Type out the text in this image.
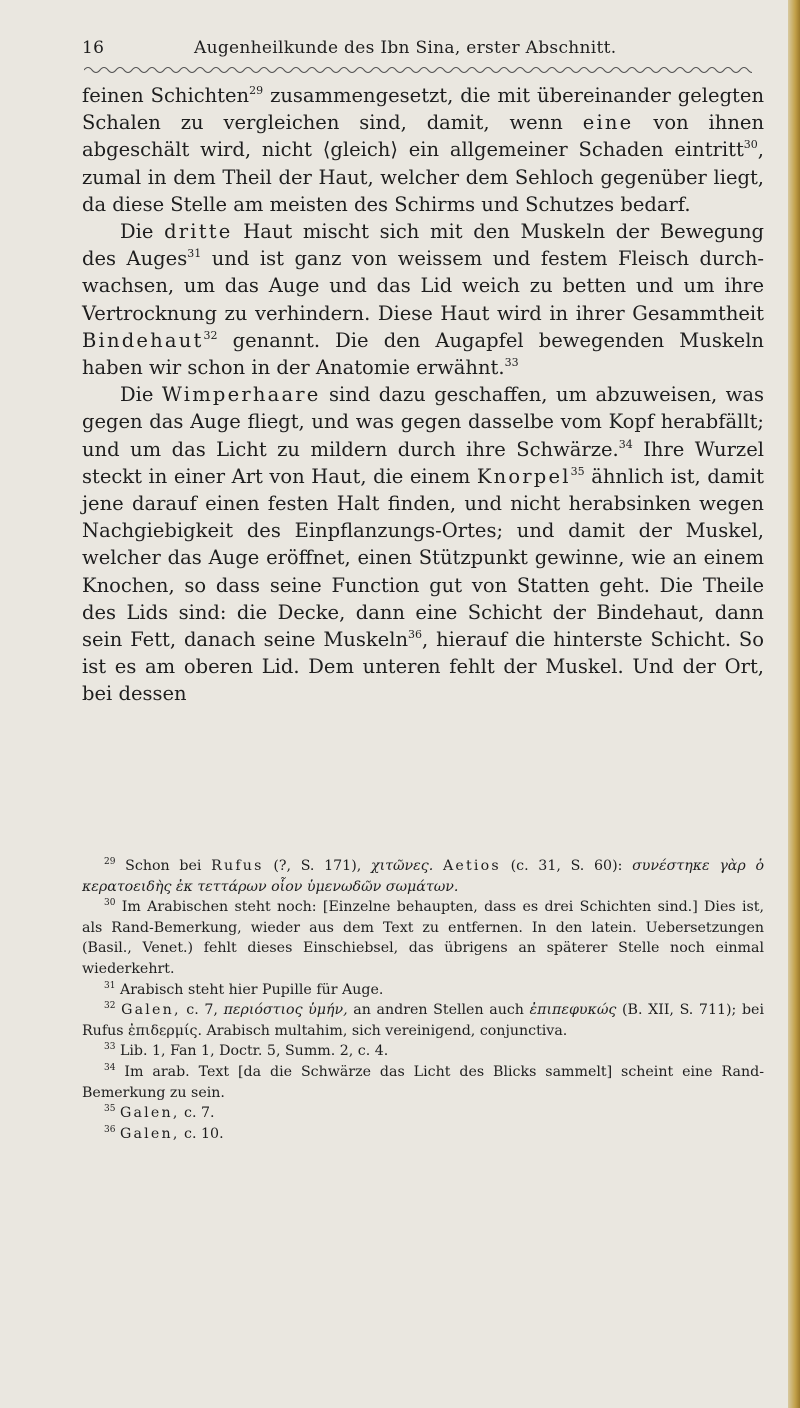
16	Augenheilkunde des Ibn Sina, erster Abschnitt.

feinen Schichten$^{29}$ zusammengesetzt, die mit übereinander gelegten Schalen zu vergleichen sind, damit, wenn eine von ihnen abgeschält wird, nicht ⟨gleich⟩ ein allgemeiner Schaden eintritt$^{30}$, zumal in dem Theil der Haut, welcher dem Sehloch gegenüber liegt, da diese Stelle am meisten des Schirms und Schutzes bedarf.

Die dritte Haut mischt sich mit den Muskeln der Bewegung des Auges$^{31}$ und ist ganz von weissem und festem Fleisch durchwachsen, um das Auge und das Lid weich zu betten und um ihre Vertrocknung zu verhindern. Diese Haut wird in ihrer Gesammtheit Bindehaut$^{32}$ genannt. Die den Augapfel bewegenden Muskeln haben wir schon in der Anatomie erwähnt.$^{33}$

Die Wimperhaare sind dazu geschaffen, um abzuweisen, was gegen das Auge fliegt, und was gegen dasselbe vom Kopf herabfällt; und um das Licht zu mildern durch ihre Schwärze.$^{34}$ Ihre Wurzel steckt in einer Art von Haut, die einem Knorpel$^{35}$ ähnlich ist, damit jene darauf einen festen Halt finden, und nicht herabsinken wegen Nachgiebigkeit des Einpflanzungs-Ortes; und damit der Muskel, welcher das Auge eröffnet, einen Stützpunkt gewinne, wie an einem Knochen, so dass seine Function gut von Statten geht. Die Theile des Lids sind: die Decke, dann eine Schicht der Bindehaut, dann sein Fett, danach seine Muskeln$^{36}$, hierauf die hinterste Schicht. So ist es am oberen Lid. Dem unteren fehlt der Muskel. Und der Ort, bei dessen

$^{29}$ Schon bei Rufus (?, S. 171), χιτῶνες. Aetios (c. 31, S. 60): συνέστηκε γὰρ ὁ κερατοειδὴς ἐκ τεττάρων οἷον ὑμενωδῶν σωμάτων.

$^{30}$ Im Arabischen steht noch: [Einzelne behaupten, dass es drei Schichten sind.] Dies ist, als Rand-Bemerkung, wieder aus dem Text zu entfernen. In den latein. Uebersetzungen (Basil., Venet.) fehlt dieses Einschiebsel, das übrigens an späterer Stelle noch einmal wiederkehrt.

$^{31}$ Arabisch steht hier Pupille für Auge.

$^{32}$ Galen, c. 7, περιόστιος ὑμήν, an andren Stellen auch ἐπιπεφυκώς (B. XII, S. 711); bei Rufus ἐπιδερμίς. Arabisch multahim, sich vereinigend, conjunctiva.

$^{33}$ Lib. 1, Fan 1, Doctr. 5, Summ. 2, c. 4.

$^{34}$ Im arab. Text [da die Schwärze das Licht des Blicks sammelt] scheint eine Rand-Bemerkung zu sein.

$^{35}$ Galen, c. 7.

$^{36}$ Galen, c. 10.
